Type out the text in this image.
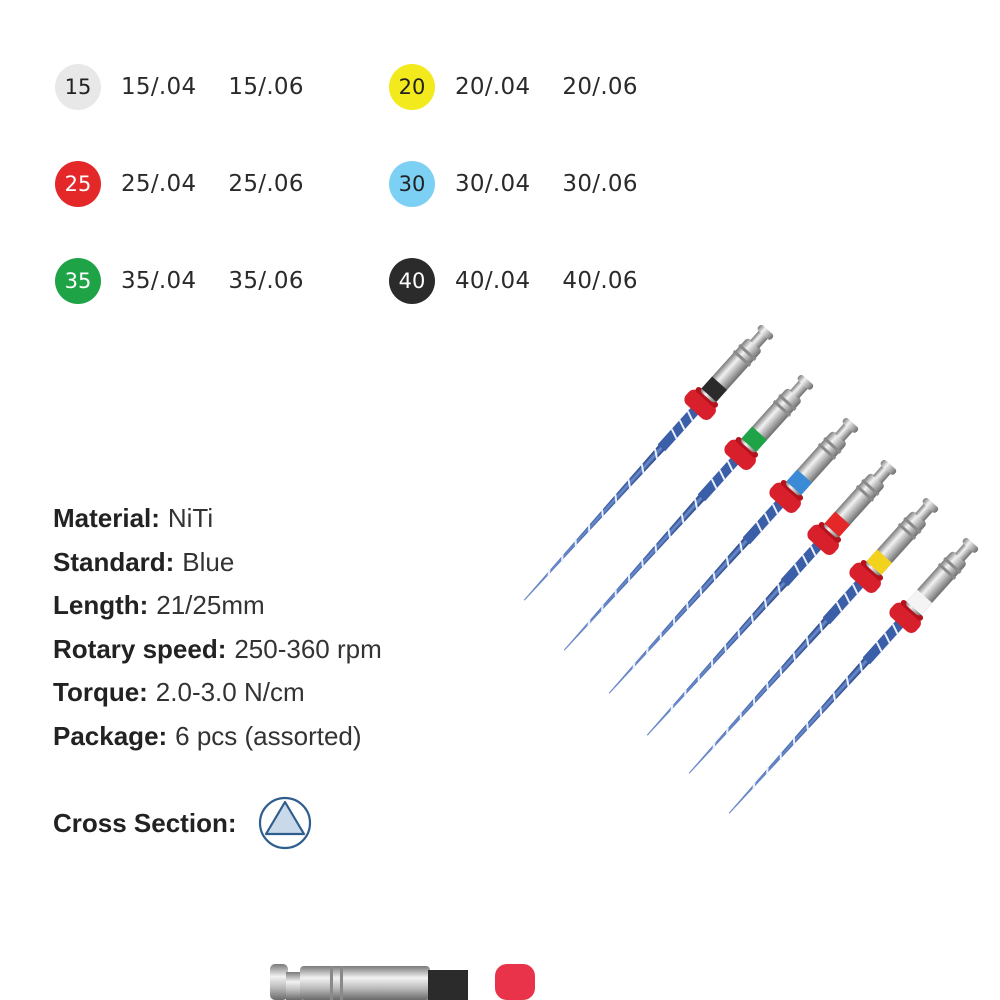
15	15/.04 15/.06	20	20/.04 20/.06
25	25/.04 25/.06	30	30/.04 30/.06
35	35/.04 35/.06	40	40/.04 40/.06
Material: NiTi
Standard: Blue
Length: 21/25mm
Rotary speed: 250-360 rpm
Torque: 2.0-3.0 N/cm
Package: 6 pcs (assorted)
Cross Section:
